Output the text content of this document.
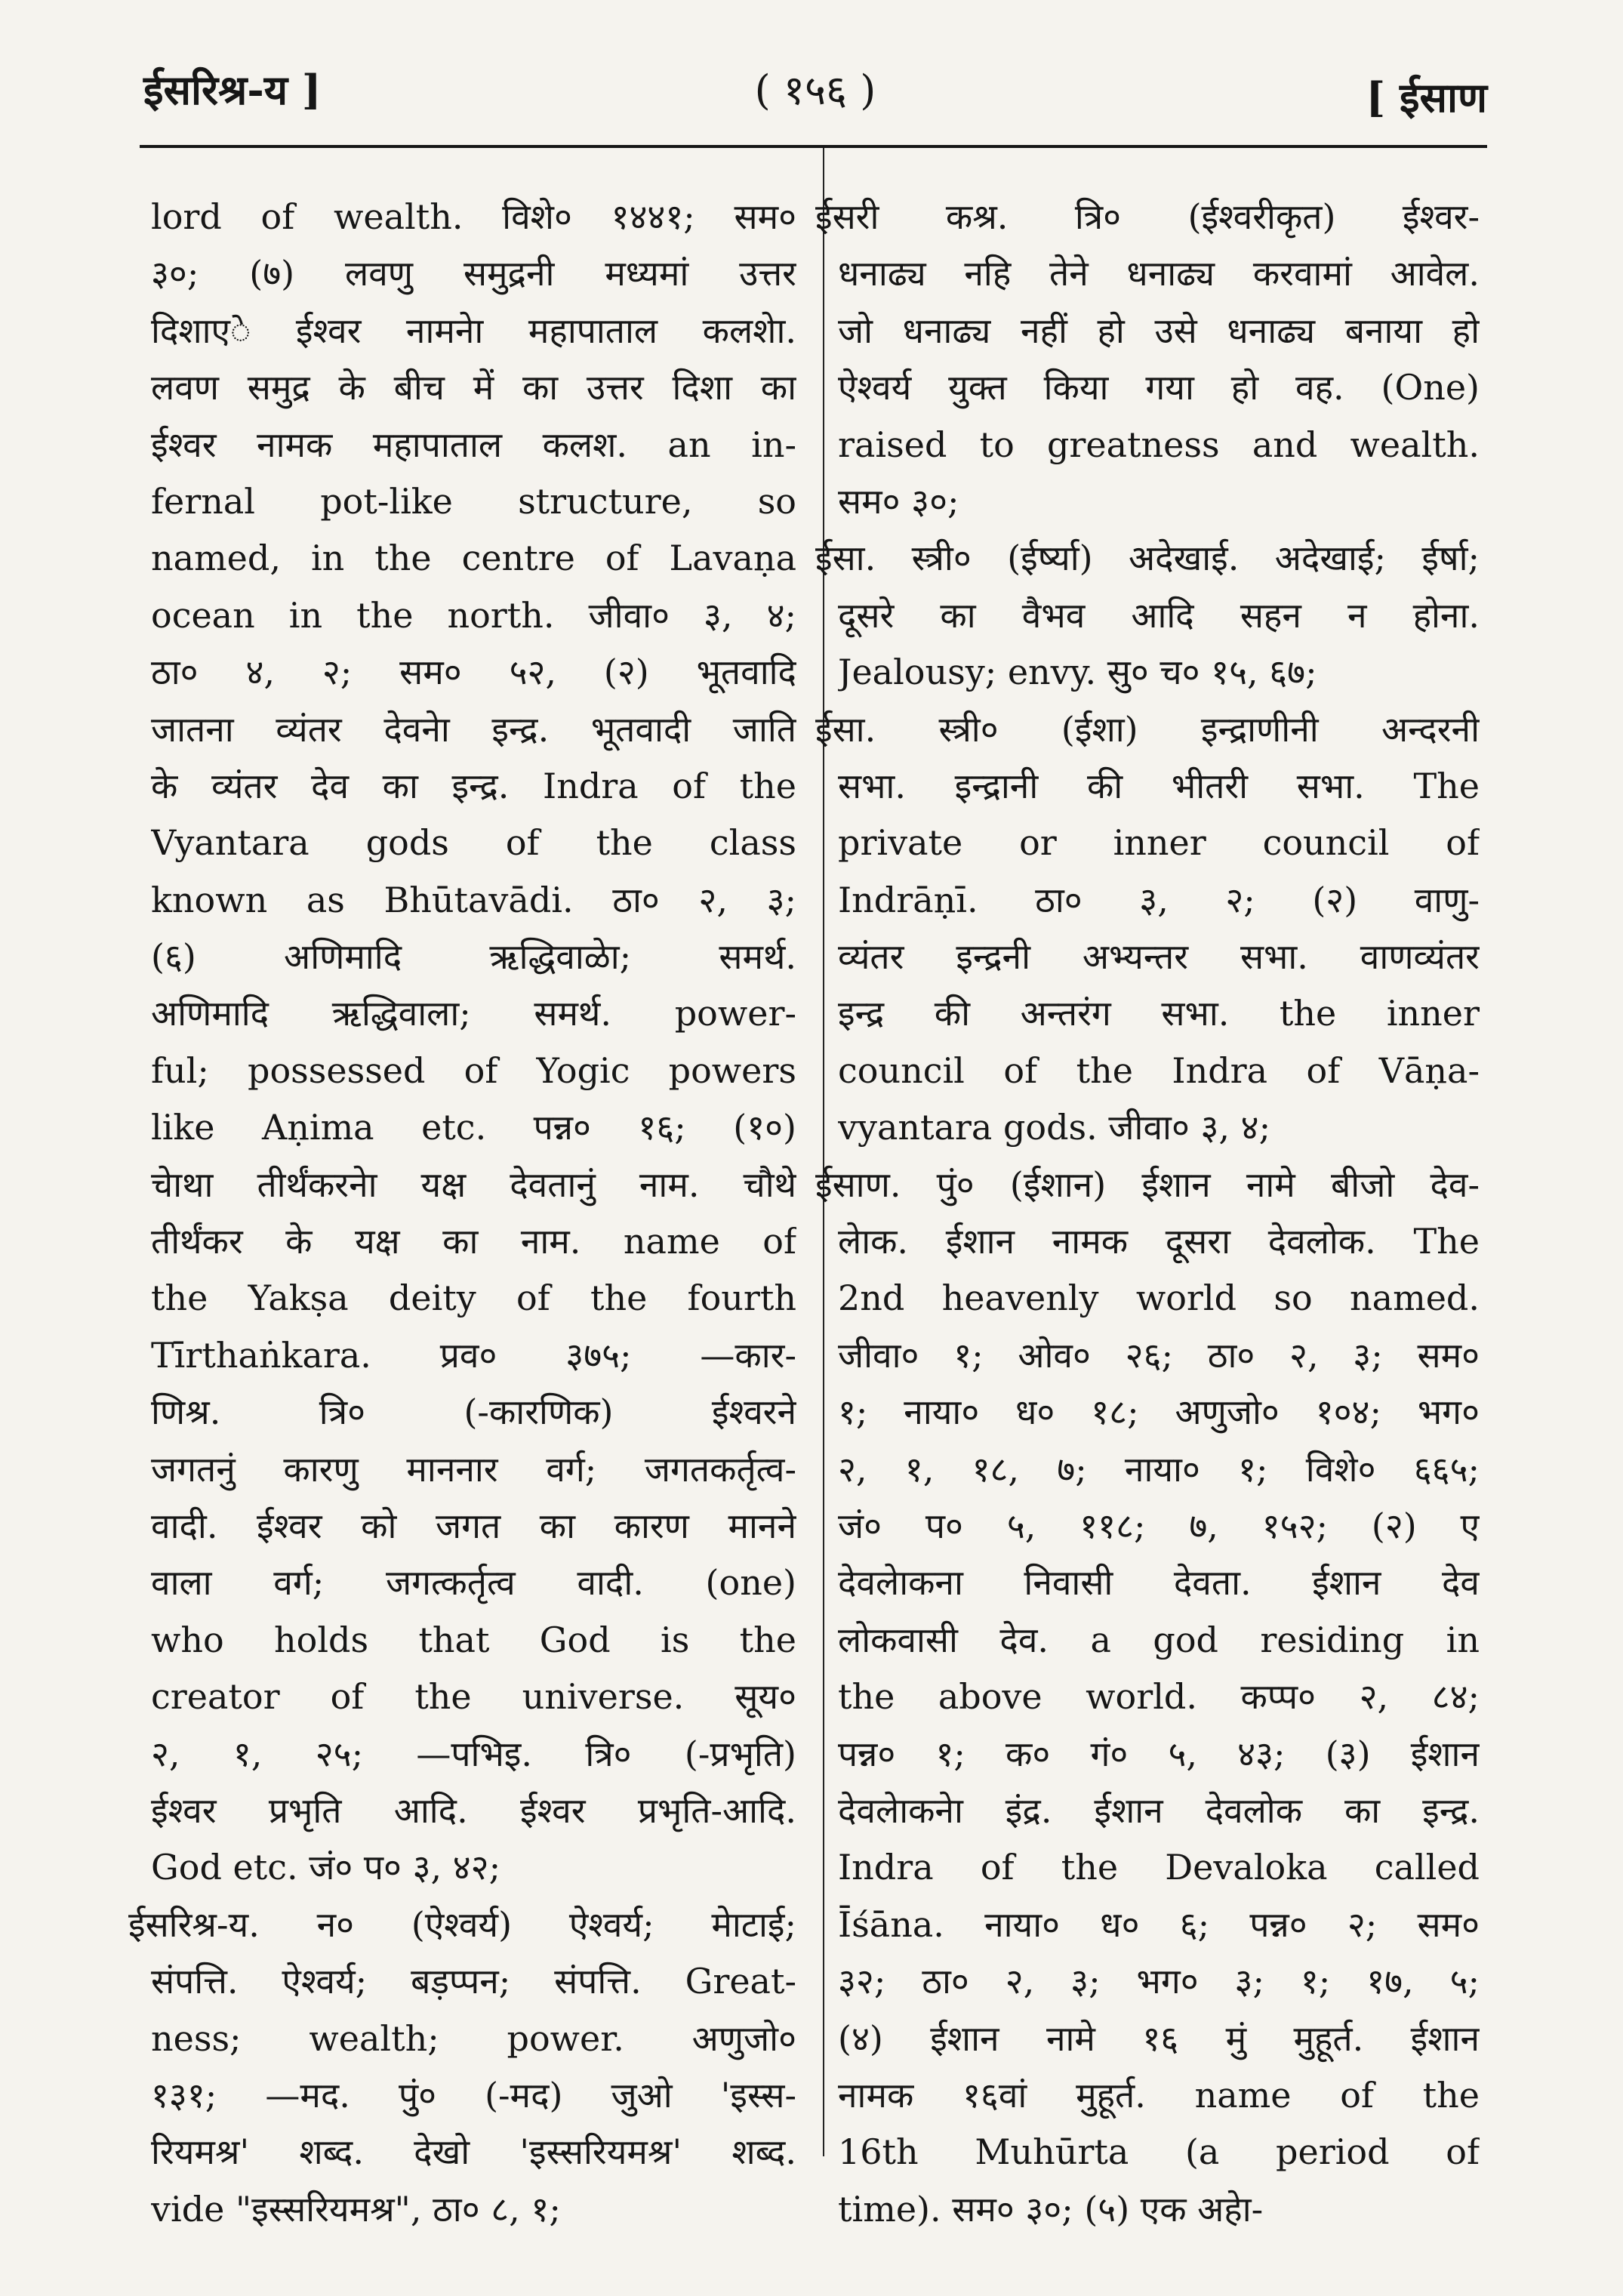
ईसरिश्र-य ]	( १५६ )	[ ईसाण
lord of wealth. विशे० १४४१; सम०
३०; (७) लवणु समुद्रनी मध्यमां उत्तर
दिशाएे ईश्वर नामनेा महापाताल कलशेा.
लवण समुद्र के बीच में का उत्तर दिशा का
ईश्वर नामक महापाताल कलश. an in-
fernal pot-like structure, so
named, in the centre of Lavaṇa
ocean in the north. जीवा० ३, ४;
ठा० ४, २; सम० ५२, (२) भूतवादि
जातना व्यंतर देवनेा इन्द्र. भूतवादी जाति
के व्यंतर देव का इन्द्र. Indra of the
Vyantara gods of the class
known as Bhūtavādi. ठा० २, ३;
(६) अणिमादि ऋद्धिवाळेा; समर्थ.
अणिमादि ऋद्धिवाला; समर्थ. power-
ful; possessed of Yogic powers
like Aṇima etc. पन्न० १६; (१०)
चेाथा तीर्थंकरनेा यक्ष देवतानुं नाम. चौथे
तीर्थंकर के यक्ष का नाम. name of
the Yakṣa deity of the fourth
Tīrthaṅkara. प्रव० ३७५; —कार-
णिश्र. त्रि० (-कारणिक) ईश्वरने
जगतनुं कारणु माननार वर्ग; जगतकर्तृत्व-
वादी. ईश्वर को जगत का कारण मानने
वाला वर्ग; जगत्कर्तृत्व वादी. (one)
who holds that God is the
creator of the universe. सूय०
२, १, २५; —पभिइ. त्रि० (-प्रभृति)
ईश्वर प्रभृति आदि. ईश्वर प्रभृति-आदि.
God etc. जं० प० ३, ४२;
ईसरिश्र-य. न० (ऐश्वर्य) ऐश्वर्य; मेाटाई;
संपत्ति. ऐश्वर्य; बड़प्पन; संपत्ति. Great-
ness; wealth; power. अणुजो०
१३१; —मद. पुं० (-मद) जुओ 'इस्स-
रियमश्र' शब्द. देखो 'इस्सरियमश्र' शब्द.
vide "इस्सरियमश्र", ठा० ८, १;
ईसरी कश्र. त्रि० (ईश्वरीकृत) ईश्वर-
धनाढ्य नहि तेने धनाढ्य करवामां आवेल.
जो धनाढ्य नहीं हो उसे धनाढ्य बनाया हो
ऐश्वर्य युक्त किया गया हो वह. (One)
raised to greatness and wealth.
सम० ३०;
ईसा. स्त्री० (ईर्ष्या) अदेखाई. अदेखाई; ईर्षा;
दूसरे का वैभव आदि सहन न होना.
Jealousy; envy. सु० च० १५, ६७;
ईसा. स्त्री० (ईशा) इन्द्राणीनी अन्दरनी
सभा. इन्द्रानी की भीतरी सभा. The
private or inner council of
Indrāṇī. ठा० ३, २; (२) वाणु-
व्यंतर इन्द्रनी अभ्यन्तर सभा. वाणव्यंतर
इन्द्र की अन्तरंग सभा. the inner
council of the Indra of Vāṇa-
vyantara gods. जीवा० ३, ४;
ईसाण. पुं० (ईशान) ईशान नामे बीजो देव-
लेाक. ईशान नामक दूसरा देवलोक. The
2nd heavenly world so named.
जीवा० १; ओव० २६; ठा० २, ३; सम०
१; नाया० ध० १८; अणुजो० १०४; भग०
२, १, १८, ७; नाया० १; विशे० ६६५;
जं० प० ५, ११८; ७, १५२; (२) ए
देवलेाकना निवासी देवता. ईशान देव
लोकवासी देव. a god residing in
the above world. कप्प० २, ८४;
पन्न० १; क० गं० ५, ४३; (३) ईशान
देवलेाकनेा इंद्र. ईशान देवलोक का इन्द्र.
Indra of the Devaloka called
Īśāna. नाया० ध० ६; पन्न० २; सम०
३२; ठा० २, ३; भग० ३; १; १७, ५;
(४) ईशान नामे १६ मुं मुहूर्त. ईशान
नामक १६वां मुहूर्त. name of the
16th Muhūrta (a period of
time). सम० ३०; (५) एक अहेा-
